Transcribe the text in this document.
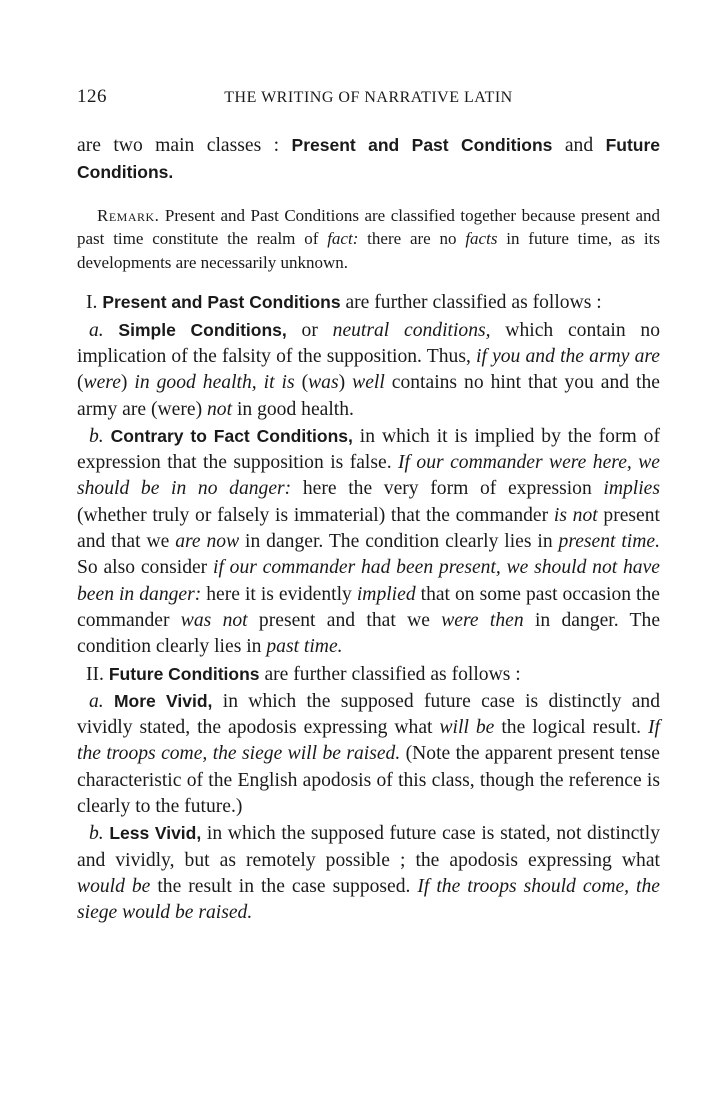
126	THE WRITING OF NARRATIVE LATIN

are two main classes : Present and Past Conditions and Future Conditions.

Remark. Present and Past Conditions are classified together because present and past time constitute the realm of fact: there are no facts in future time, as its developments are necessarily unknown.

I. Present and Past Conditions are further classified as follows :

a. Simple Conditions, or neutral conditions, which contain no implication of the falsity of the supposition. Thus, if you and the army are (were) in good health, it is (was) well contains no hint that you and the army are (were) not in good health.

b. Contrary to Fact Conditions, in which it is implied by the form of expression that the supposition is false. If our commander were here, we should be in no danger: here the very form of expression implies (whether truly or falsely is immaterial) that the commander is not present and that we are now in danger. The condition clearly lies in present time. So also consider if our commander had been present, we should not have been in danger: here it is evidently implied that on some past occasion the commander was not present and that we were then in danger. The condition clearly lies in past time.

II. Future Conditions are further classified as follows :

a. More Vivid, in which the supposed future case is distinctly and vividly stated, the apodosis expressing what will be the logical result. If the troops come, the siege will be raised. (Note the apparent present tense characteristic of the English apodosis of this class, though the reference is clearly to the future.)

b. Less Vivid, in which the supposed future case is stated, not distinctly and vividly, but as remotely possible ; the apodosis expressing what would be the result in the case supposed. If the troops should come, the siege would be raised.
